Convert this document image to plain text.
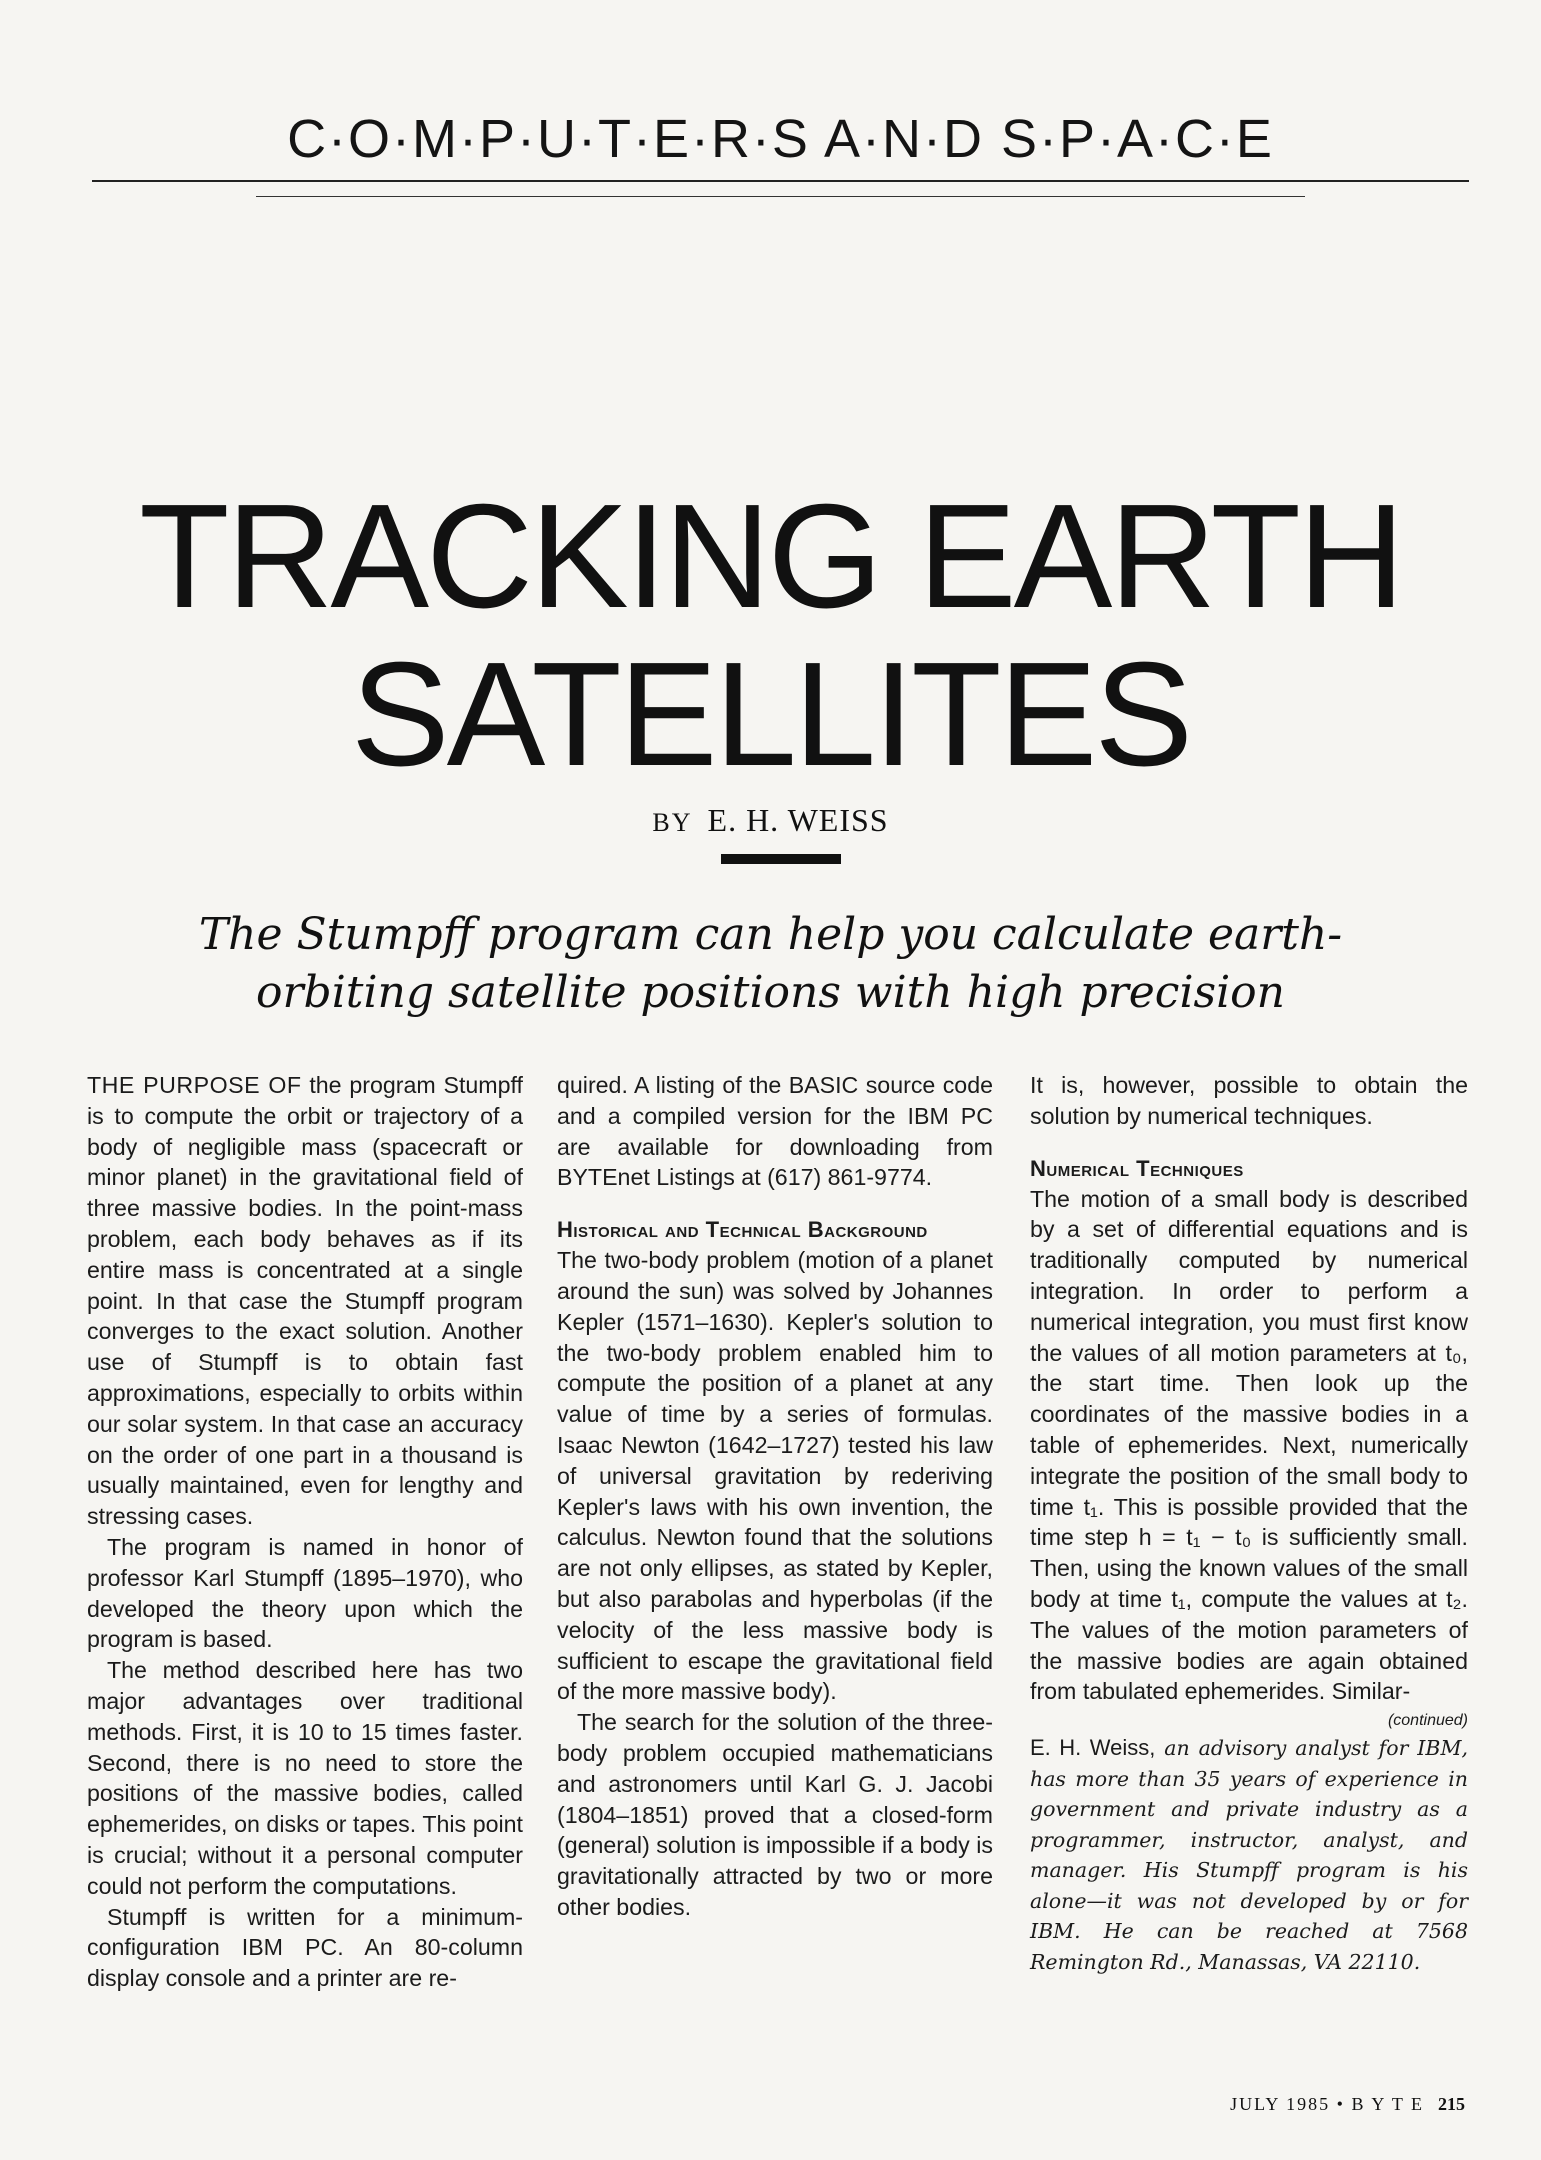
C·O·M·P·U·T·E·R·S A·N·D S·P·A·C·E
TRACKING EARTH
SATELLITES
BY E. H. WEISS
The Stumpff program can help you calculate earth-orbiting satellite positions with high precision

THE PURPOSE OF the program Stumpff is to compute the orbit or trajectory of a body of negligible mass (spacecraft or minor planet) in the gravitational field of three massive bodies. In the point-mass problem, each body behaves as if its entire mass is concentrated at a single point. In that case the Stumpff program converges to the exact solution. Another use of Stumpff is to obtain fast approximations, especially to orbits within our solar system. In that case an accuracy on the order of one part in a thousand is usually maintained, even for lengthy and stressing cases.

The program is named in honor of professor Karl Stumpff (1895–1970), who developed the theory upon which the program is based.

The method described here has two major advantages over traditional methods. First, it is 10 to 15 times faster. Second, there is no need to store the positions of the massive bodies, called ephemerides, on disks or tapes. This point is crucial; without it a personal computer could not perform the computations.

Stumpff is written for a minimum-configuration IBM PC. An 80-column display console and a printer are re-

quired. A listing of the BASIC source code and a compiled version for the IBM PC are available for downloading from BYTEnet Listings at (617) 861-9774.

Historical and Technical Background

The two-body problem (motion of a planet around the sun) was solved by Johannes Kepler (1571–1630). Kepler's solution to the two-body problem enabled him to compute the position of a planet at any value of time by a series of formulas. Isaac Newton (1642–1727) tested his law of universal gravitation by rederiving Kepler's laws with his own invention, the calculus. Newton found that the solutions are not only ellipses, as stated by Kepler, but also parabolas and hyperbolas (if the velocity of the less massive body is sufficient to escape the gravitational field of the more massive body).

The search for the solution of the three-body problem occupied mathematicians and astronomers until Karl G. J. Jacobi (1804–1851) proved that a closed-form (general) solution is impossible if a body is gravitationally attracted by two or more other bodies.

It is, however, possible to obtain the solution by numerical techniques.

Numerical Techniques

The motion of a small body is described by a set of differential equations and is traditionally computed by numerical integration. In order to perform a numerical integration, you must first know the values of all motion parameters at t₀, the start time. Then look up the coordinates of the massive bodies in a table of ephemerides. Next, numerically integrate the position of the small body to time t₁. This is possible provided that the time step h = t₁ − t₀ is sufficiently small. Then, using the known values of the small body at time t₁, compute the values at t₂. The values of the motion parameters of the massive bodies are again obtained from tabulated ephemerides. Similar-

(continued)

E. H. Weiss, an advisory analyst for IBM, has more than 35 years of experience in government and private industry as a programmer, instructor, analyst, and manager. His Stumpff program is his alone—it was not developed by or for IBM. He can be reached at 7568 Remington Rd., Manassas, VA 22110.

JULY 1985 • B Y T E 215
